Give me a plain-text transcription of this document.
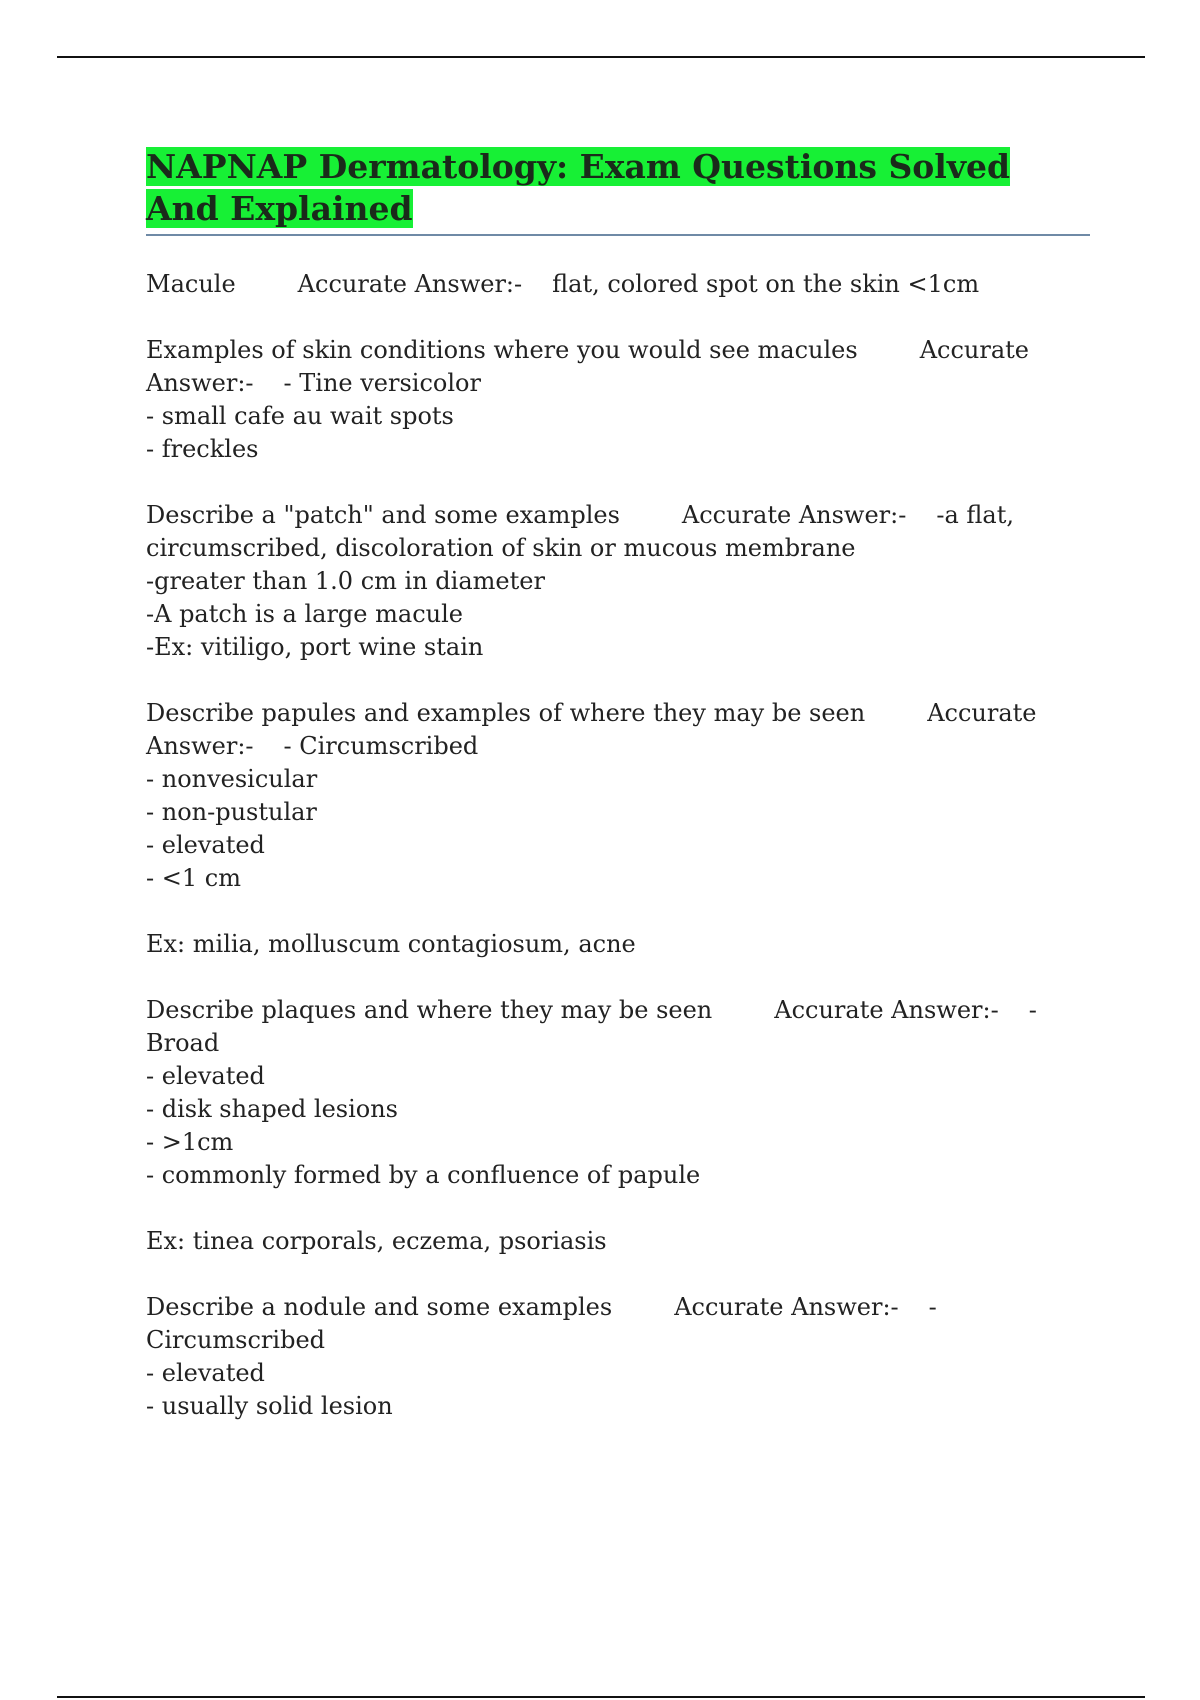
NAPNAP Dermatology: Exam Questions Solved And Explained
Macule	Accurate Answer:- flat, colored spot on the skin <1cm
Examples of skin conditions where you would see macules	Accurate Answer:- - Tine versicolor
- small cafe au wait spots
- freckles
Describe a "patch" and some examples	Accurate Answer:- -a flat, circumscribed, discoloration of skin or mucous membrane
-greater than 1.0 cm in diameter
-A patch is a large macule
-Ex: vitiligo, port wine stain
Describe papules and examples of where they may be seen	Accurate Answer:- - Circumscribed
- nonvesicular
- non-pustular
- elevated
- <1 cm
Ex: milia, molluscum contagiosum, acne
Describe plaques and where they may be seen	Accurate Answer:- - Broad
- elevated
- disk shaped lesions
- >1cm
- commonly formed by a confluence of papule
Ex: tinea corporals, eczema, psoriasis
Describe a nodule and some examples	Accurate Answer:- - Circumscribed
- elevated
- usually solid lesion
